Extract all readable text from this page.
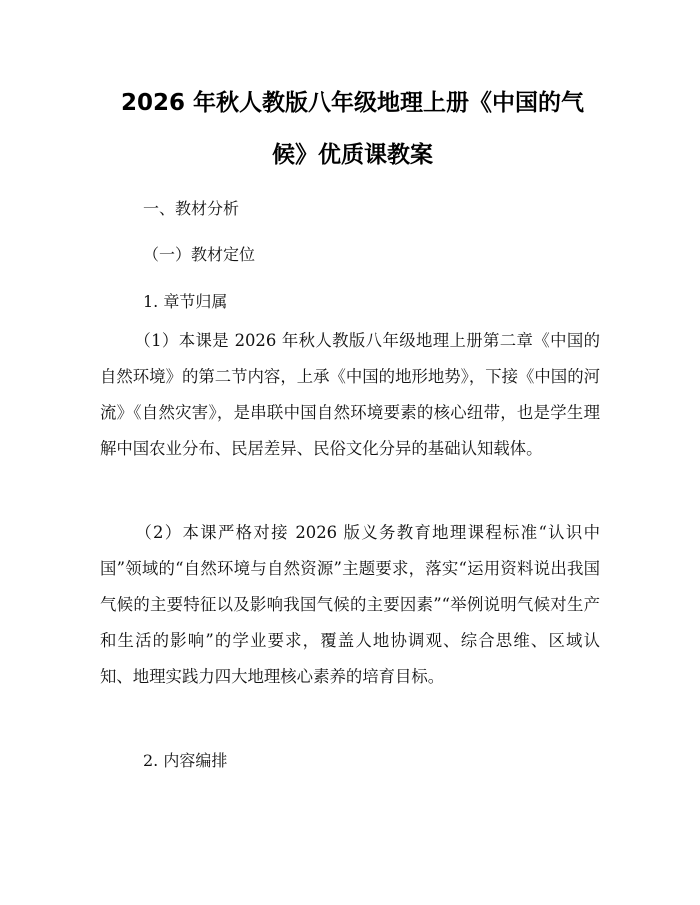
2026 年秋人教版八年级地理上册《中国的气
候》优质课教案
一、教材分析
（一）教材定位
1. 章节归属
（1）本课是 2026 年秋人教版八年级地理上册第二章《中国的自然环境》的第二节内容，上承《中国的地形地势》，下接《中国的河流》《自然灾害》，是串联中国自然环境要素的核心纽带，也是学生理解中国农业分布、民居差异、民俗文化分异的基础认知载体。
（2）本课严格对接 2026 版义务教育地理课程标准“认识中国”领域的“自然环境与自然资源”主题要求，落实“运用资料说出我国气候的主要特征以及影响我国气候的主要因素”“举例说明气候对生产和生活的影响”的学业要求，覆盖人地协调观、综合思维、区域认知、地理实践力四大地理核心素养的培育目标。
2. 内容编排
